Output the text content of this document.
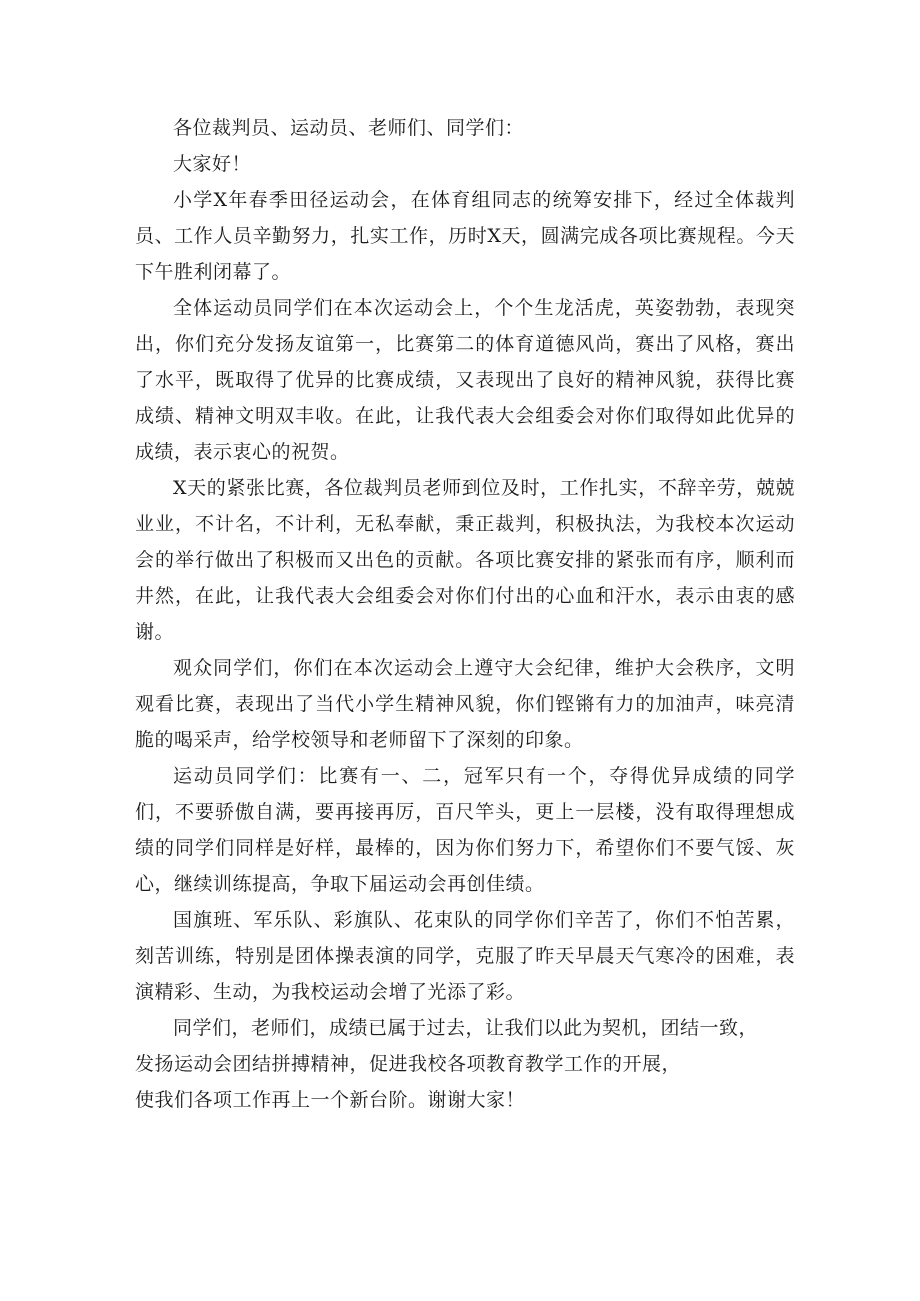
各位裁判员、运动员、老师们、同学们：

大家好！

小学X年春季田径运动会，在体育组同志的统筹安排下，经过全体裁判员、工作人员辛勤努力，扎实工作，历时X天，圆满完成各项比赛规程。今天下午胜利闭幕了。

全体运动员同学们在本次运动会上，个个生龙活虎，英姿勃勃，表现突出，你们充分发扬友谊第一，比赛第二的体育道德风尚，赛出了风格，赛出了水平，既取得了优异的比赛成绩，又表现出了良好的精神风貌，获得比赛成绩、精神文明双丰收。在此，让我代表大会组委会对你们取得如此优异的成绩，表示衷心的祝贺。

X天的紧张比赛，各位裁判员老师到位及时，工作扎实，不辞辛劳，兢兢业业，不计名，不计利，无私奉献，秉正裁判，积极执法，为我校本次运动会的举行做出了积极而又出色的贡献。各项比赛安排的紧张而有序，顺利而井然，在此，让我代表大会组委会对你们付出的心血和汗水，表示由衷的感谢。

观众同学们，你们在本次运动会上遵守大会纪律，维护大会秩序，文明观看比赛，表现出了当代小学生精神风貌，你们铿锵有力的加油声，味亮清脆的喝采声，给学校领导和老师留下了深刻的印象。

运动员同学们：比赛有一、二，冠军只有一个，夺得优异成绩的同学们，不要骄傲自满，要再接再厉，百尺竿头，更上一层楼，没有取得理想成绩的同学们同样是好样，最棒的，因为你们努力下，希望你们不要气馁、灰心，继续训练提高，争取下届运动会再创佳绩。

国旗班、军乐队、彩旗队、花束队的同学你们辛苦了，你们不怕苦累，刻苦训练，特别是团体操表演的同学，克服了昨天早晨天气寒冷的困难，表演精彩、生动，为我校运动会增了光添了彩。

同学们，老师们，成绩已属于过去，让我们以此为契机，团结一致，

发扬运动会团结拼搏精神，促进我校各项教育教学工作的开展，

使我们各项工作再上一个新台阶。谢谢大家！
